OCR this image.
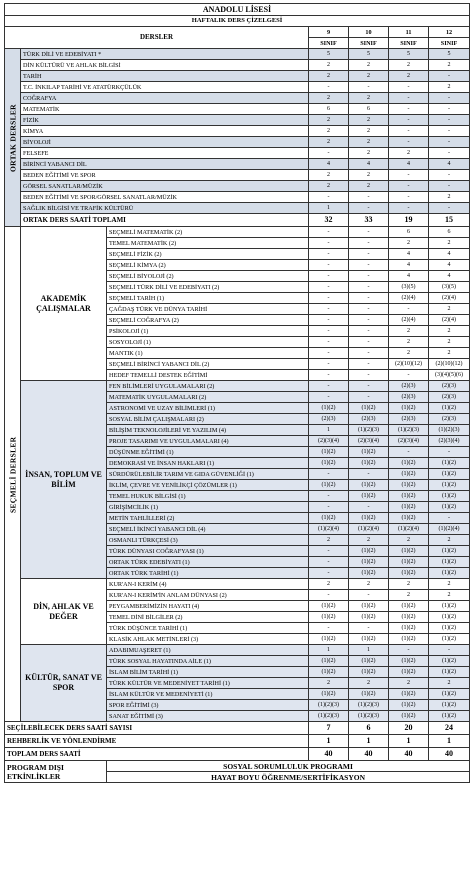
ANADOLU LİSESİ						
HAFTALIK DERS ÇİZELGESİ						
DERSLER			9	10	11	12
			SINIF	SINIF	SINIF	SINIF
ORTAK DERSLER	TÜRK DİLİ VE EDEBİYATI *		5	5	5	5
	DİN KÜLTÜRÜ VE AHLAK BİLGİSİ		2	2	2	2
	TARİH		2	2	2	-
	T.C. İNKILAP TARİHİ VE ATATÜRKÇÜLÜK		-	-	-	2
	COĞRAFYA		2	2	-	-
	MATEMATİK		6	6	-	-
	FİZİK		2	2	-	-
	KİMYA		2	2	-	-
	BİYOLOJİ		2	2	-	-
	FELSEFE		-	2	2	-
	BİRİNCİ YABANCI DİL		4	4	4	4
	BEDEN EĞİTİMİ VE SPOR		2	2	-	-
	GÖRSEL SANATLAR/MÜZİK		2	2	-	-
	BEDEN EĞİTİMİ VE SPOR/GÖRSEL SANATLAR/MÜZİK		-	-	-	2
	SAĞLIK BİLGİSİ VE TRAFİK KÜLTÜRÜ		1	-	-	-
	ORTAK DERS SAATİ TOPLAMI		32	33	19	15
SEÇMELİ DERSLER	AKADEMİK ÇALIŞMALAR	SEÇMELİ MATEMATİK (2)	-	-	6	6
		TEMEL MATEMATİK (2)	-	-	2	2
		SEÇMELİ FİZİK (2)	-	-	4	4
		SEÇMELİ KİMYA (2)	-	-	4	4
		SEÇMELİ BİYOLOJİ (2)	-	-	4	4
		SEÇMELİ TÜRK DİLİ VE EDEBİYATI (2)	-	-	(3)(5)	(3)(5)
		SEÇMELİ TARİH (1)	-	-	(2)(4)	(2)(4)
		ÇAĞDAŞ TÜRK VE DÜNYA TARİHİ	-	-	-	2
		SEÇMELİ COĞRAFYA (2)	-	-	(2)(4)	(2)(4)
		PSİKOLOJİ (1)	-	-	2	2
		SOSYOLOJİ (1)	-	-	2	2
		MANTIK (1)	-	-	2	2
		SEÇMELİ BİRİNCİ YABANCI DİL (2)	-	-	(2)(10)(12)	(2)(10)(12)
		HEDEF TEMELLİ DESTEK EĞİTİMİ	-	-	-	(3)(4)(5)(6)
	İNSAN, TOPLUM VE BİLİM	FEN BİLİMLERİ UYGULAMALARI (2)	-	-	(2)(3)	(2)(3)
		MATEMATİK UYGULAMALARI (2)	-	-	(2)(3)	(2)(3)
		ASTRONOMİ VE UZAY BİLİMLERİ (1)	(1)(2)	(1)(2)	(1)(2)	(1)(2)
		SOSYAL BİLİM ÇALIŞMALARI (2)	(2)(3)	(2)(3)	(2)(3)	(2)(3)
		BİLİŞİM TEKNOLOJİLERİ VE YAZILIM (4)	1	(1)(2)(3)	(1)(2)(3)	(1)(2)(3)
		PROJE TASARIMI VE UYGULAMALARI (4)	(2)(3)(4)	(2)(3)(4)	(2)(3)(4)	(2)(3)(4)
		DÜŞÜNME EĞİTİMİ (1)	(1)(2)	(1)(2)	-	-
		DEMOKRASİ VE İNSAN HAKLARI (1)	(1)(2)	(1)(2)	(1)(2)	(1)(2)
		SÜRDÜRÜLEBİLİR TARIM VE GIDA GÜVENLİĞİ (1)	-	-	(1)(2)	(1)(2)
		İKLİM, ÇEVRE VE YENİLİKÇİ ÇÖZÜMLER (1)	(1)(2)	(1)(2)	(1)(2)	(1)(2)
		TEMEL HUKUK BİLGİSİ (1)	-	(1)(2)	(1)(2)	(1)(2)
		GİRİŞİMCİLİK (1)	-	-	(1)(2)	(1)(2)
		METİN TAHLİLLERİ (2)	(1)(2)	(1)(2)	(1)(2)	-
		SEÇMELİ İKİNCİ YABANCI DİL (4)	(1)(2)(4)	(1)(2)(4)	(1)(2)(4)	(1)(2)(4)
		OSMANLI TÜRKÇESİ (3)	2	2	2	2
		TÜRK DÜNYASI COĞRAFYASI (1)	-	(1)(2)	(1)(2)	(1)(2)
		ORTAK TÜRK EDEBİYATI (1)	-	(1)(2)	(1)(2)	(1)(2)
		ORTAK TÜRK TARİHİ (1)	-	(1)(2)	(1)(2)	(1)(2)
	DİN, AHLAK VE DEĞER	KUR'AN-I KERİM (4)	2	2	2	2
		KUR'AN-I KERİM'İN ANLAM DÜNYASI (2)	-	-	2	2
		PEYGAMBERİMİZİN HAYATI (4)	(1)(2)	(1)(2)	(1)(2)	(1)(2)
		TEMEL DİNİ BİLGİLER (2)	(1)(2)	(1)(2)	(1)(2)	(1)(2)
		TÜRK DÜŞÜNCE TARİHİ (1)	-	-	(1)(2)	(1)(2)
		KLASİK AHLAK METİNLERİ (3)	(1)(2)	(1)(2)	(1)(2)	(1)(2)
	KÜLTÜR, SANAT VE SPOR	ADABIMUAŞERET (1)	1	1	-	-
		TÜRK SOSYAL HAYATINDA AİLE (1)	(1)(2)	(1)(2)	(1)(2)	(1)(2)
		İSLAM BİLİM TARİHİ (1)	(1)(2)	(1)(2)	(1)(2)	(1)(2)
		TÜRK KÜLTÜR VE MEDENİYET TARİHİ (1)	2	2	2	2
		İSLAM KÜLTÜR VE MEDENİYETİ (1)	(1)(2)	(1)(2)	(1)(2)	(1)(2)
		SPOR EĞİTİMİ (3)	(1)(2)(3)	(1)(2)(3)	(1)(2)	(1)(2)
		SANAT EĞİTİMİ (3)	(1)(2)(3)	(1)(2)(3)	(1)(2)	(1)(2)
SEÇİLEBİLECEK DERS SAATİ SAYISI			7	6	20	24
REHBERLİK VE YÖNLENDİRME			1	1	1	1
TOPLAM DERS SAATİ			40	40	40	40
PROGRAM DIŞI ETKİNLİKLER		SOSYAL SORUMLULUK PROGRAMI				
		HAYAT BOYU ÖĞRENME/SERTİFİKASYON				
